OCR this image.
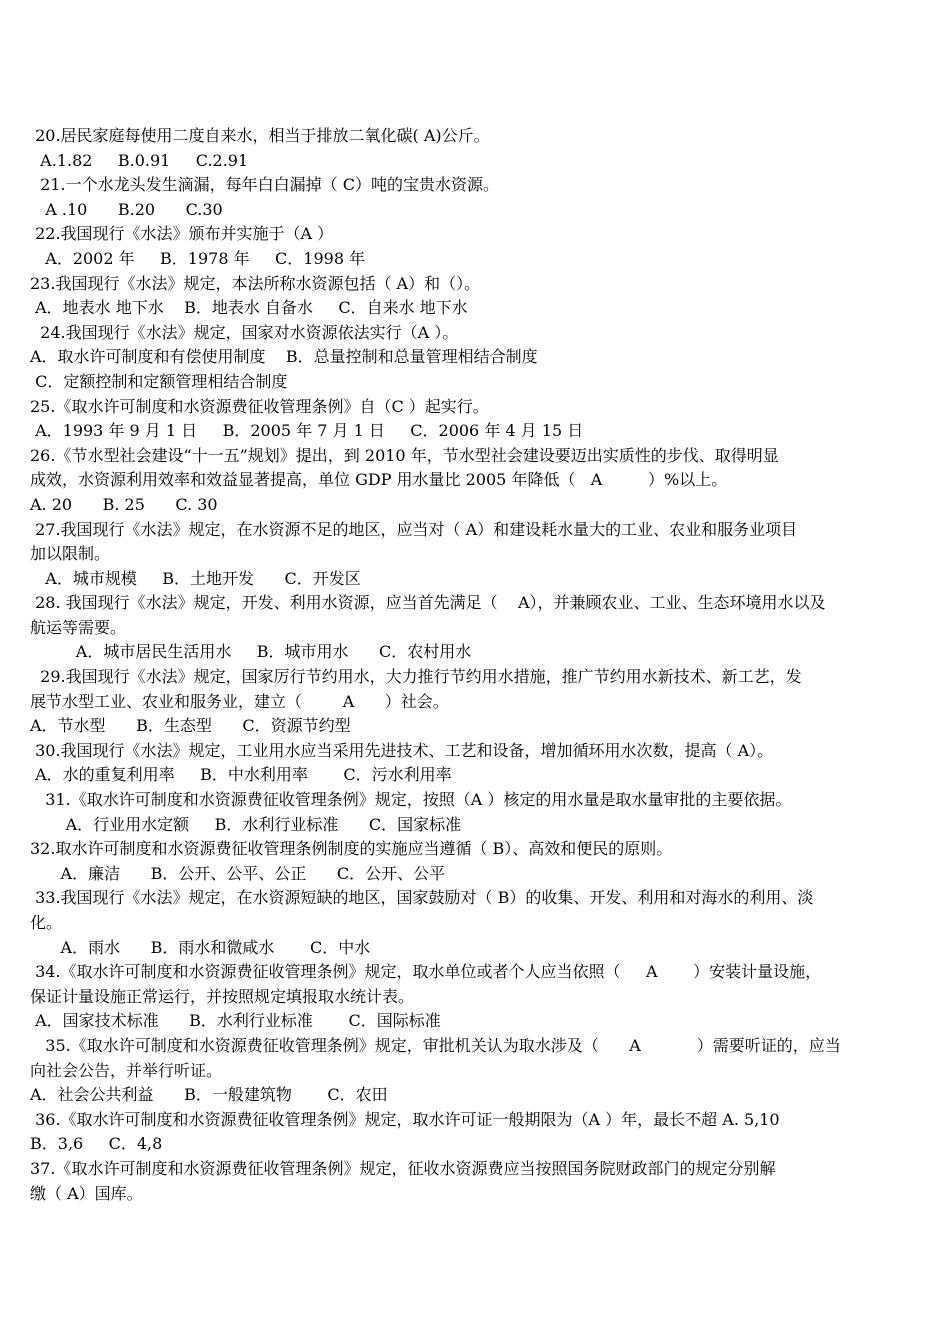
20.居民家庭每使用二度自来水，相当于排放二氧化碳( A)公斤。
A.1.82     B.0.91     C.2.91
21.一个水龙头发生滴漏，每年白白漏掉（ C）吨的宝贵水资源。
A .10      B.20      C.30
22.我国现行《水法》颁布并实施于（A ）
A．2002 年     B．1978 年     C．1998 年
23.我国现行《水法》规定，本法所称水资源包括（ A）和（）。
A．地表水 地下水    B．地表水 自备水     C．自来水 地下水
24.我国现行《水法》规定，国家对水资源依法实行（A ）。
A．取水许可制度和有偿使用制度    B．总量控制和总量管理相结合制度
C．定额控制和定额管理相结合制度
25.《取水许可制度和水资源费征收管理条例》自（C ）起实行。
A．1993 年 9 月 1 日     B．2005 年 7 月 1 日     C．2006 年 4 月 15 日
26.《节水型社会建设“十一五”规划》提出，到 2010 年，节水型社会建设要迈出实质性的步伐、取得明显
成效，水资源利用效率和效益显著提高，单位 GDP 用水量比 2005 年降低（   A         ）%以上。
A. 20      B. 25      C. 30
27.我国现行《水法》规定，在水资源不足的地区，应当对（ A）和建设耗水量大的工业、农业和服务业项目
加以限制。
A．城市规模     B．土地开发      C．开发区
28. 我国现行《水法》规定，开发、利用水资源，应当首先满足（    A），并兼顾农业、工业、生态环境用水以及
航运等需要。
A．城市居民生活用水     B．城市用水      C．农村用水
29.我国现行《水法》规定，国家厉行节约用水，大力推行节约用水措施，推广节约用水新技术、新工艺，发
展节水型工业、农业和服务业，建立（        A      ）社会。
A．节水型      B．生态型      C．资源节约型
30.我国现行《水法》规定，工业用水应当采用先进技术、工艺和设备，增加循环用水次数，提高（ A）。
A．水的重复利用率     B．中水利用率       C．污水利用率
31.《取水许可制度和水资源费征收管理条例》规定，按照（A ）核定的用水量是取水量审批的主要依据。
A．行业用水定额     B．水利行业标准      C．国家标准
32.取水许可制度和水资源费征收管理条例制度的实施应当遵循（ B）、高效和便民的原则。
A．廉洁      B．公开、公平、公正      C．公开、公平
33.我国现行《水法》规定，在水资源短缺的地区，国家鼓励对（ B）的收集、开发、利用和对海水的利用、淡
化。
A．雨水      B．雨水和微咸水       C．中水
34.《取水许可制度和水资源费征收管理条例》规定，取水单位或者个人应当依照（     A       ）安装计量设施，
保证计量设施正常运行，并按照规定填报取水统计表。
A．国家技术标准      B．水利行业标准       C．国际标准
35.《取水许可制度和水资源费征收管理条例》规定，审批机关认为取水涉及（      A           ）需要听证的，应当
向社会公告，并举行听证。
A．社会公共利益      B．一般建筑物       C．农田
36.《取水许可制度和水资源费征收管理条例》规定，取水许可证一般期限为（A ）年，最长不超 A. 5,10
B．3,6     C．4,8
37.《取水许可制度和水资源费征收管理条例》规定，征收水资源费应当按照国务院财政部门的规定分别解
缴（ A）国库。
